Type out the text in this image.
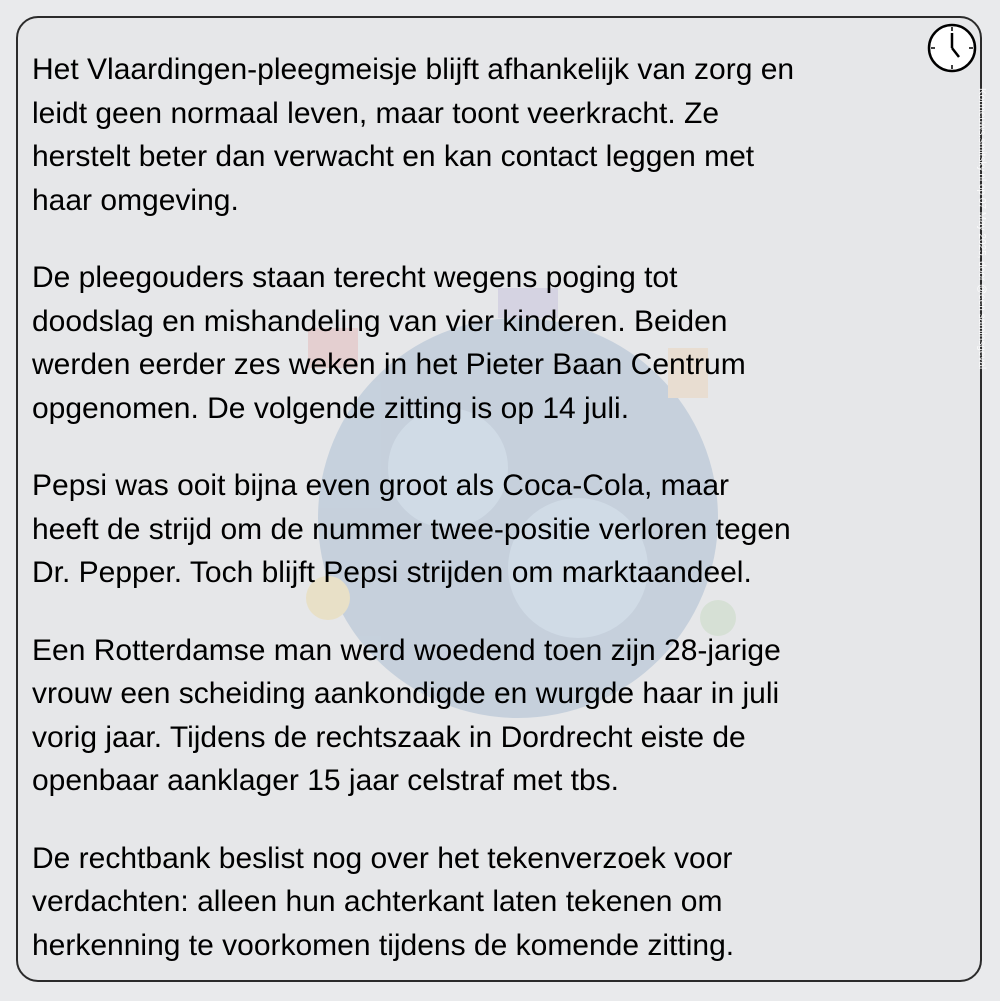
Het Vlaardingen-pleegmeisje blijft afhankelijk van zorg en
leidt geen normaal leven, maar toont veerkracht. Ze
herstelt beter dan verwacht en kan contact leggen met
haar omgeving.

De pleegouders staan terecht wegens poging tot
doodslag en mishandeling van vier kinderen. Beiden
werden eerder zes weken in het Pieter Baan Centrum
opgenomen. De volgende zitting is op 14 juli.

Pepsi was ooit bijna even groot als Coca-Cola, maar
heeft de strijd om de nummer twee-positie verloren tegen
Dr. Pepper. Toch blijft Pepsi strijden om marktaandeel.

Een Rotterdamse man werd woedend toen zijn 28-jarige
vrouw een scheiding aankondigde en wurgde haar in juli
vorig jaar. Tijdens de rechtszaak in Dordrecht eiste de
openbaar aanklager 15 jaar celstraf met tbs.

De rechtbank beslist nog over het tekenverzoek voor
verdachten: alleen hun achterkant laten tekenen om
herkenning te voorkomen tijdens de komende zitting.

Kormeuws.smitsky.nl op 07 May 2025, door @een saminsgeval
